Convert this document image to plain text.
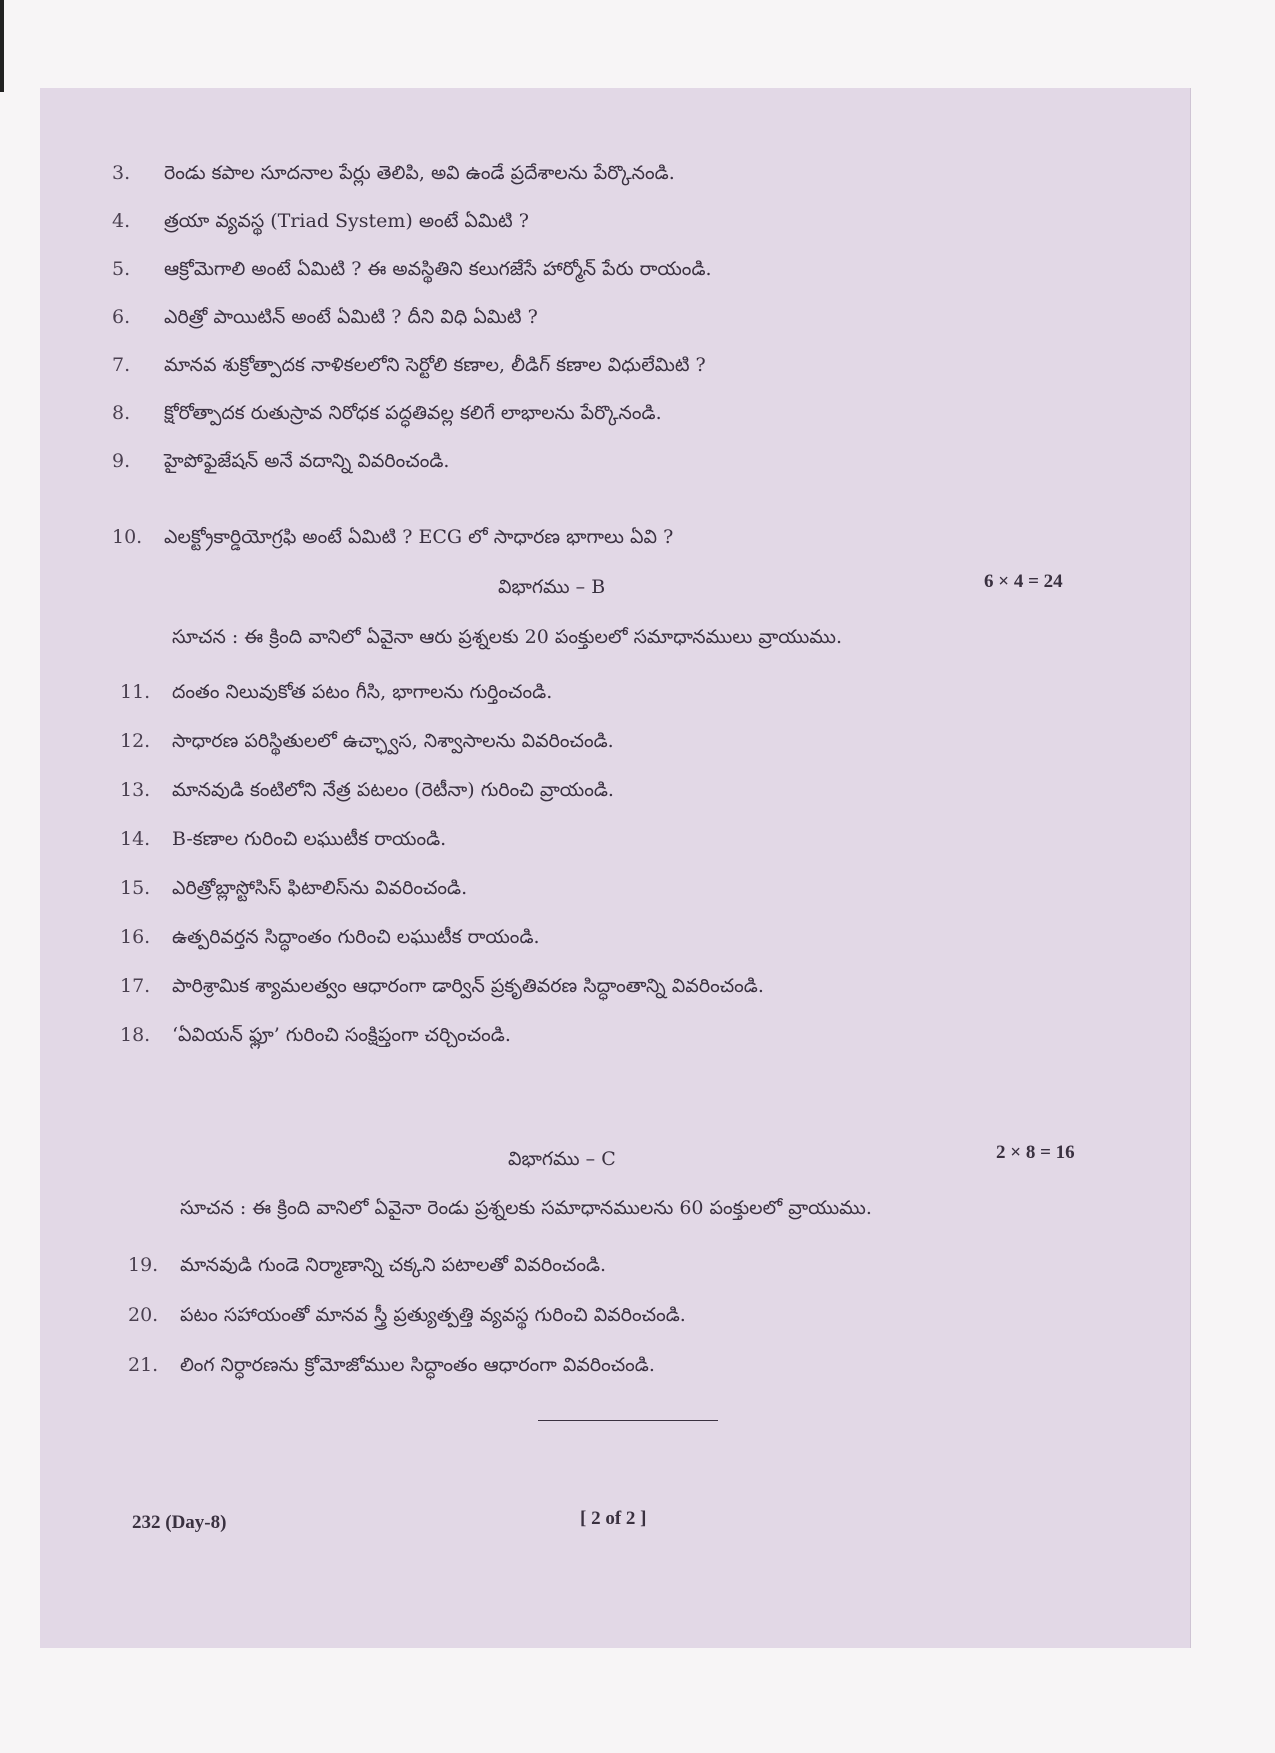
3. రెండు కపాల సూదనాల పేర్లు తెలిపి, అవి ఉండే ప్రదేశాలను పేర్కొనండి.
4. త్రయా వ్యవస్థ (Triad System) అంటే ఏమిటి ?
5. ఆక్రోమెగాలి అంటే ఏమిటి ? ఈ అవస్థితిని కలుగజేసే హార్మోన్ పేరు రాయండి.
6. ఎరిత్రో పాయిటిన్ అంటే ఏమిటి ? దీని విధి ఏమిటి ?
7. మానవ శుక్రోత్పాదక నాళికలలోని సెర్టోలి కణాల, లీడిగ్ కణాల విధులేమిటి ?
8. క్షోరోత్పాదక రుతుస్రావ నిరోధక పద్ధతివల్ల కలిగే లాభాలను పేర్కొనండి.
9. హైపోఫైజేషన్ అనే వదాన్ని వివరించండి.
10. ఎలక్ట్రోకార్డియోగ్రఫి అంటే ఏమిటి ? ECG లో సాధారణ భాగాలు ఏవి ?
విభాగము – B	6 × 4 = 24
సూచన : ఈ క్రింది వానిలో ఏవైనా ఆరు ప్రశ్నలకు 20 పంక్తులలో సమాధానములు వ్రాయుము.
11. దంతం నిలువుకోత పటం గీసి, భాగాలను గుర్తించండి.
12. సాధారణ పరిస్థితులలో ఉచ్ఛ్వాస, నిశ్వాసాలను వివరించండి.
13. మానవుడి కంటిలోని నేత్ర పటలం (రెటీనా) గురించి వ్రాయండి.
14. B-కణాల గురించి లఘుటీక రాయండి.
15. ఎరిత్రోబ్లాస్టోసిస్ ఫిటాలిస్‌ను వివరించండి.
16. ఉత్పరివర్తన సిద్ధాంతం గురించి లఘుటీక రాయండి.
17. పారిశ్రామిక శ్యామలత్వం ఆధారంగా డార్విన్ ప్రకృతివరణ సిద్ధాంతాన్ని వివరించండి.
18. ‘ఏవియన్ ఫ్లూ’ గురించి సంక్షిప్తంగా చర్చించండి.
విభాగము – C	2 × 8 = 16
సూచన : ఈ క్రింది వానిలో ఏవైనా రెండు ప్రశ్నలకు సమాధానములను 60 పంక్తులలో వ్రాయుము.
19. మానవుడి గుండె నిర్మాణాన్ని చక్కని పటాలతో వివరించండి.
20. పటం సహాయంతో మానవ స్త్రీ ప్రత్యుత్పత్తి వ్యవస్థ గురించి వివరించండి.
21. లింగ నిర్ధారణను క్రోమోజోముల సిద్ధాంతం ఆధారంగా వివరించండి.
232 (Day-8)	[ 2 of 2 ]
